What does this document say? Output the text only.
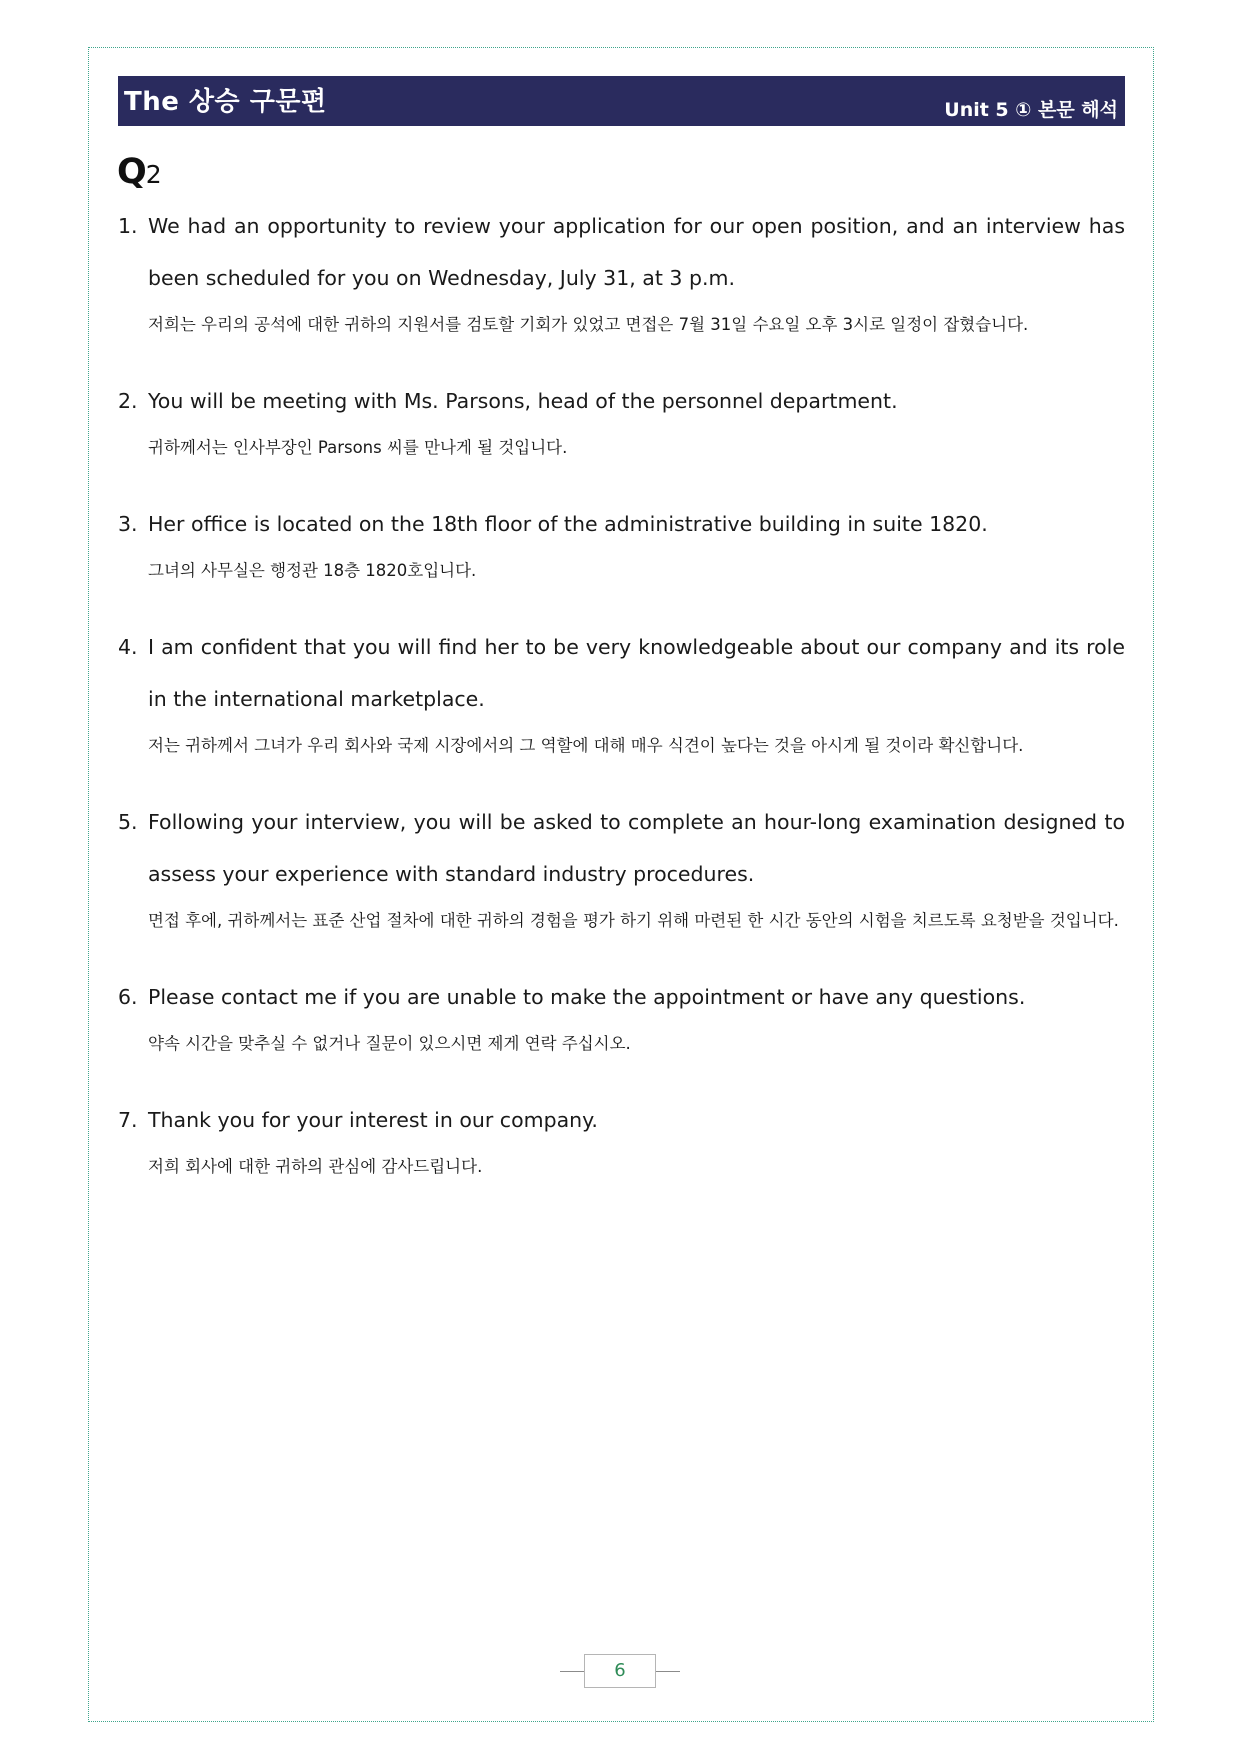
The 상승 구문편	Unit 5 ① 본문 해석
Q 2
1. We had an opportunity to review your application for our open position, and an interview has been scheduled for you on Wednesday, July 31, at 3 p.m.
저희는 우리의 공석에 대한 귀하의 지원서를 검토할 기회가 있었고 면접은 7월 31일 수요일 오후 3시로 일정이 잡혔습니다.
2. You will be meeting with Ms. Parsons, head of the personnel department.
귀하께서는 인사부장인 Parsons 씨를 만나게 될 것입니다.
3. Her office is located on the 18th floor of the administrative building in suite 1820.
그녀의 사무실은 행정관 18층 1820호입니다.
4. I am confident that you will find her to be very knowledgeable about our company and its role in the international marketplace.
저는 귀하께서 그녀가 우리 회사와 국제 시장에서의 그 역할에 대해 매우 식견이 높다는 것을 아시게 될 것이라 확신합니다.
5. Following your interview, you will be asked to complete an hour-long examination designed to assess your experience with standard industry procedures.
면접 후에, 귀하께서는 표준 산업 절차에 대한 귀하의 경험을 평가 하기 위해 마련된 한 시간 동안의 시험을 치르도록 요청받을 것입니다.
6. Please contact me if you are unable to make the appointment or have any questions.
약속 시간을 맞추실 수 없거나 질문이 있으시면 제게 연락 주십시오.
7. Thank you for your interest in our company.
저희 회사에 대한 귀하의 관심에 감사드립니다.
6
